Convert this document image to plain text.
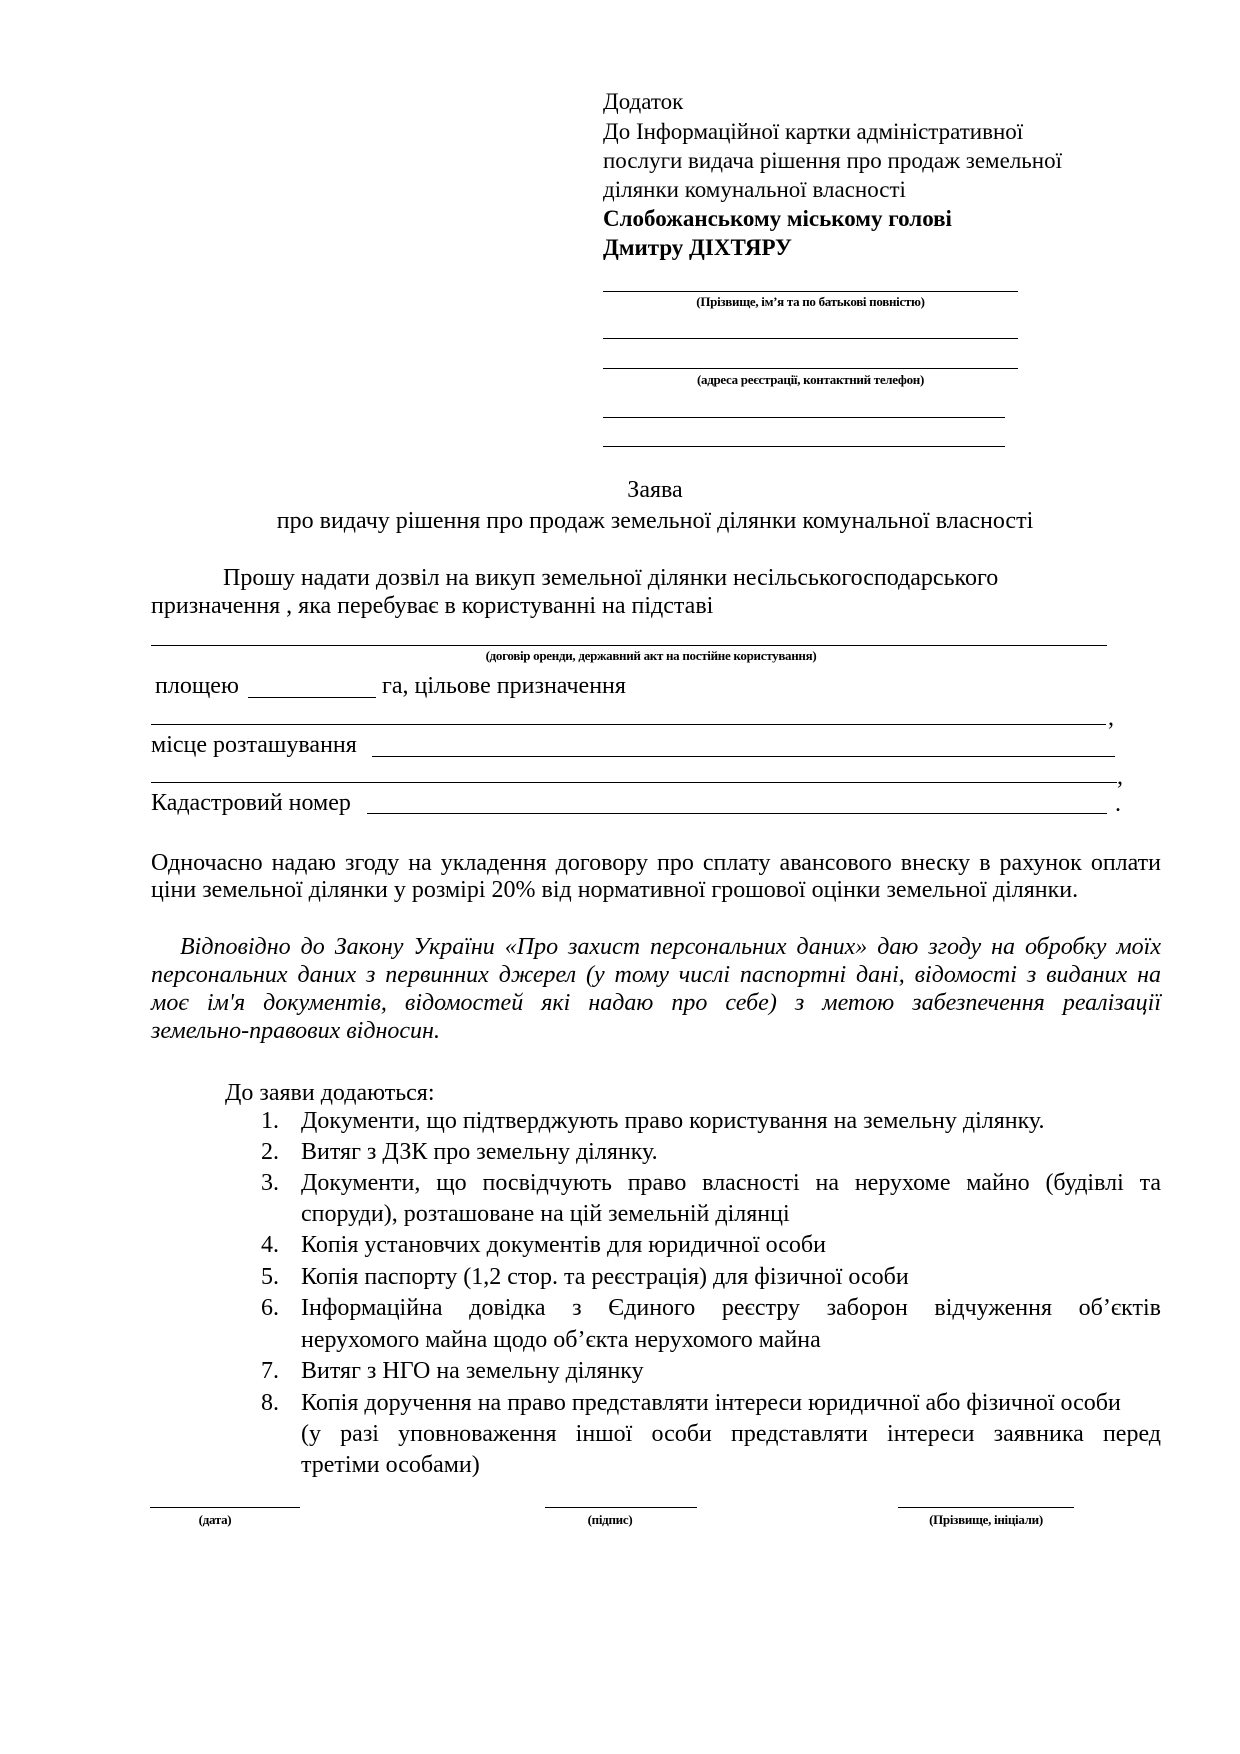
Додаток
До Інформаційної картки адміністративної
послуги видача рішення про продаж земельної
ділянки комунальної власності
Слобожанському міському голові
Дмитру ДІХТЯРУ
(Прізвище, ім’я та по батькові повністю)
(адреса реєстрації, контактний телефон)
Заява
про видачу рішення про продаж земельної ділянки комунальної власності
Прошу надати дозвіл на викуп земельної ділянки несільськогосподарського
призначення , яка перебуває в користуванні на підставі
(договір оренди, державний акт на постійне користування)
площею	га, цільове призначення
,
місце розташування
,
Кадастровий номер	.
Одночасно надаю згоду на укладення договору про сплату авансового внеску в рахунок оплати
ціни земельної ділянки у розмірі 20% від нормативної грошової оцінки земельної ділянки.
Відповідно до Закону України «Про захист персональних даних» даю згоду на обробку моїх
персональних даних з первинних джерел (у тому числі паспортні дані, відомості з виданих на
моє ім'я документів, відомостей які надаю про себе) з метою забезпечення реалізації
земельно-правових відносин.
До заяви додаються:
1. Документи, що підтверджують право користування на земельну ділянку.
2. Витяг з ДЗК про земельну ділянку.
3. Документи, що посвідчують право власності на нерухоме майно (будівлі та
споруди), розташоване на цій земельній ділянці
4. Копія установчих документів для юридичної особи
5. Копія паспорту (1,2 стор. та реєстрація) для фізичної особи
6. Інформаційна довідка з Єдиного реєстру заборон відчуження об’єктів
нерухомого майна щодо об’єкта нерухомого майна
7. Витяг з НГО на земельну ділянку
8. Копія доручення на право представляти інтереси юридичної або фізичної особи
(у разі уповноваження іншої особи представляти інтереси заявника перед
третіми особами)
(дата)	(підпис)	(Прізвище, ініціали)
